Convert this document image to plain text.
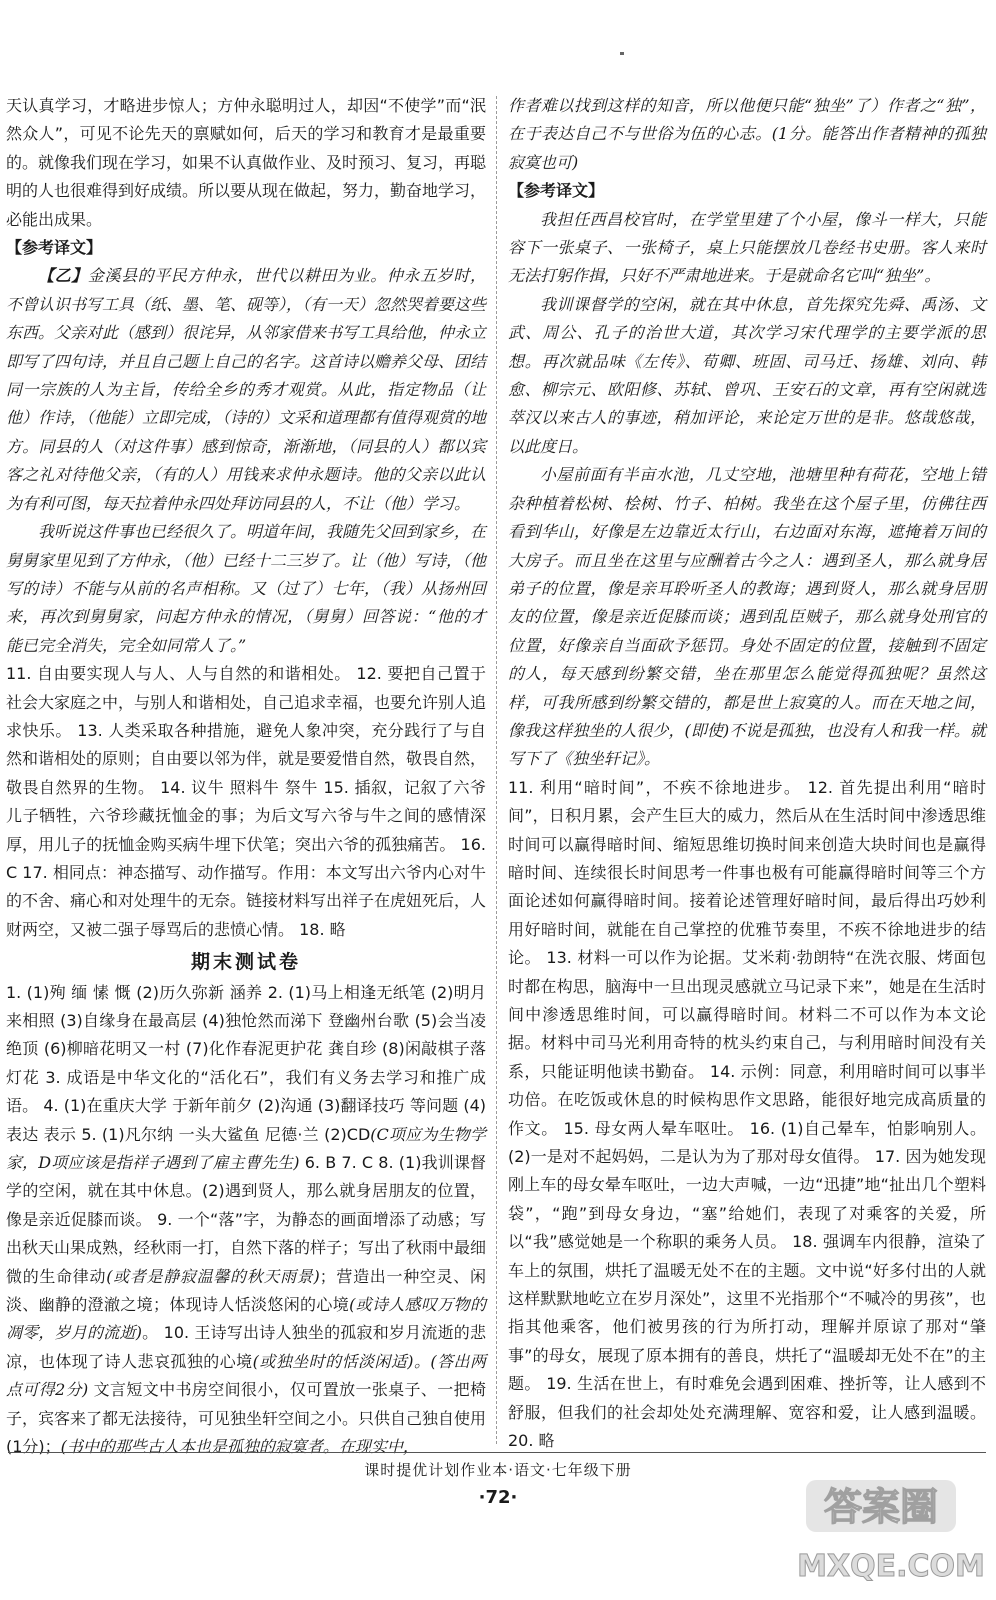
天认真学习，才略进步惊人；方仲永聪明过人，却因“不使学”而“泯然众人”，可见不论先天的禀赋如何，后天的学习和教育才是最重要的。就像我们现在学习，如果不认真做作业、及时预习、复习，再聪明的人也很难得到好成绩。所以要从现在做起，努力，勤奋地学习，必能出成果。

【参考译文】

【乙】金溪县的平民方仲永，世代以耕田为业。仲永五岁时，不曾认识书写工具（纸、墨、笔、砚等），（有一天）忽然哭着要这些东西。父亲对此（感到）很诧异，从邻家借来书写工具给他，仲永立即写了四句诗，并且自己题上自己的名字。这首诗以赡养父母、团结同一宗族的人为主旨，传给全乡的秀才观赏。从此，指定物品（让他）作诗，（他能）立即完成，（诗的）文采和道理都有值得观赏的地方。同县的人（对这件事）感到惊奇，渐渐地，（同县的人）都以宾客之礼对待他父亲，（有的人）用钱来求仲永题诗。他的父亲以此认为有利可图，每天拉着仲永四处拜访同县的人，不让（他）学习。

我听说这件事也已经很久了。明道年间，我随先父回到家乡，在舅舅家里见到了方仲永，（他）已经十二三岁了。让（他）写诗，（他写的诗）不能与从前的名声相称。又（过了）七年，（我）从扬州回来，再次到舅舅家，问起方仲永的情况，（舅舅）回答说：“他的才能已完全消失，完全如同常人了。”

11. 自由要实现人与人、人与自然的和谐相处。 12. 要把自己置于社会大家庭之中，与别人和谐相处，自己追求幸福，也要允许别人追求快乐。 13. 人类采取各种措施，避免人象冲突，充分践行了与自然和谐相处的原则；自由要以邻为伴，就是要爱惜自然，敬畏自然，敬畏自然界的生物。 14. 议牛 照料牛 祭牛 15. 插叙，记叙了六爷儿子牺牲，六爷珍藏抚恤金的事；为后文写六爷与牛之间的感情深厚，用儿子的抚恤金购买病牛埋下伏笔；突出六爷的孤独痛苦。 16. C 17. 相同点：神态描写、动作描写。作用：本文写出六爷内心对牛的不舍、痛心和对处理牛的无奈。链接材料写出祥子在虎妞死后，人财两空，又被二强子辱骂后的悲愤心情。 18. 略

期末测试卷

1. (1)殉 缅 愫 慨 (2)历久弥新 涵养 2. (1)马上相逢无纸笔 (2)明月来相照 (3)自缘身在最高层 (4)独怆然而涕下 登幽州台歌 (5)会当凌绝顶 (6)柳暗花明又一村 (7)化作春泥更护花 龚自珍 (8)闲敲棋子落灯花 3. 成语是中华文化的“活化石”，我们有义务去学习和推广成语。 4. (1)在重庆大学 于新年前夕 (2)沟通 (3)翻译技巧 等问题 (4)表达 表示 5. (1)凡尔纳 一头大鲨鱼 尼德·兰 (2)CD(C项应为生物学家，D项应该是指祥子遇到了雇主曹先生) 6. B 7. C 8. (1)我训课督学的空闲，就在其中休息。(2)遇到贤人，那么就身居朋友的位置，像是亲近促膝而谈。 9. 一个“落”字，为静态的画面增添了动感；写出秋天山果成熟，经秋雨一打，自然下落的样子；写出了秋雨中最细微的生命律动(或者是静寂温馨的秋天雨景)；营造出一种空灵、闲淡、幽静的澄澈之境；体现诗人恬淡悠闲的心境(或诗人感叹万物的凋零，岁月的流逝)。 10. 王诗写出诗人独坐的孤寂和岁月流逝的悲凉，也体现了诗人悲哀孤独的心境(或独坐时的恬淡闲适)。(答出两点可得2分) 文言短文中书房空间很小，仅可置放一张桌子、一把椅子，宾客来了都无法接待，可见独坐轩空间之小。只供自己独自使用(1分)；(书中的那些古人本也是孤独的寂寞者。在现实中，

作者难以找到这样的知音，所以他便只能“独坐”了）作者之“独”，在于表达自己不与世俗为伍的心志。(1分。能答出作者精神的孤独寂寞也可)

【参考译文】

我担任西昌校官时，在学堂里建了个小屋，像斗一样大，只能容下一张桌子、一张椅子，桌上只能摆放几卷经书史册。客人来时无法打躬作揖，只好不严肃地进来。于是就命名它叫“独坐”。

我训课督学的空闲，就在其中休息，首先探究先舜、禹汤、文武、周公、孔子的治世大道，其次学习宋代理学的主要学派的思想。再次就品味《左传》、荀卿、班固、司马迁、扬雄、刘向、韩愈、柳宗元、欧阳修、苏轼、曾巩、王安石的文章，再有空闲就选萃汉以来古人的事迹，稍加评论，来论定万世的是非。悠哉悠哉，以此度日。

小屋前面有半亩水池，几丈空地，池塘里种有荷花，空地上错杂种植着松树、桧树、竹子、柏树。我坐在这个屋子里，仿佛往西看到华山，好像是左边靠近太行山，右边面对东海，遮掩着万间的大房子。而且坐在这里与应酬着古今之人：遇到圣人，那么就身居弟子的位置，像是亲耳聆听圣人的教诲；遇到贤人，那么就身居朋友的位置，像是亲近促膝而谈；遇到乱臣贼子，那么就身处刑官的位置，好像亲自当面砍予惩罚。身处不固定的位置，接触到不固定的人，每天感到纷繁交错，坐在那里怎么能觉得孤独呢？虽然这样，可我所感到纷繁交错的，都是世上寂寞的人。而在天地之间，像我这样独坐的人很少，(即使)不说是孤独，也没有人和我一样。就写下了《独坐轩记》。

11. 利用“暗时间”，不疾不徐地进步。 12. 首先提出利用“暗时间”，日积月累，会产生巨大的威力，然后从在生活时间中渗透思维时间可以赢得暗时间、缩短思维切换时间来创造大块时间也是赢得暗时间、连续很长时间思考一件事也极有可能赢得暗时间等三个方面论述如何赢得暗时间。接着论述管理好暗时间，最后得出巧妙利用好暗时间，就能在自己掌控的优雅节奏里，不疾不徐地进步的结论。 13. 材料一可以作为论据。艾米莉·勃朗特“在洗衣服、烤面包时都在构思，脑海中一旦出现灵感就立马记录下来”，她是在生活时间中渗透思维时间，可以赢得暗时间。材料二不可以作为本文论据。材料中司马光利用奇特的枕头约束自己，与利用暗时间没有关系，只能证明他读书勤奋。 14. 示例：同意，利用暗时间可以事半功倍。在吃饭或休息的时候构思作文思路，能很好地完成高质量的作文。 15. 母女两人晕车呕吐。 16. (1)自己晕车，怕影响别人。 (2)一是对不起妈妈，二是认为为了那对母女值得。 17. 因为她发现刚上车的母女晕车呕吐，一边大声喊，一边“迅捷”地“扯出几个塑料袋”，“跑”到母女身边，“塞”给她们，表现了对乘客的关爱，所以“我”感觉她是一个称职的乘务人员。 18. 强调车内很静，渲染了车上的氛围，烘托了温暖无处不在的主题。文中说“好多付出的人就这样默默地屹立在岁月深处”，这里不光指那个“不喊冷的男孩”，也指其他乘客，他们被男孩的行为所打动，理解并原谅了那对“肇事”的母女，展现了原本拥有的善良，烘托了“温暖却无处不在”的主题。 19. 生活在世上，有时难免会遇到困难、挫折等，让人感到不舒服，但我们的社会却处处充满理解、宽容和爱，让人感到温暖。 20. 略

课时提优计划作业本·语文·七年级下册
·72·	答案圈
MXQE.COM
